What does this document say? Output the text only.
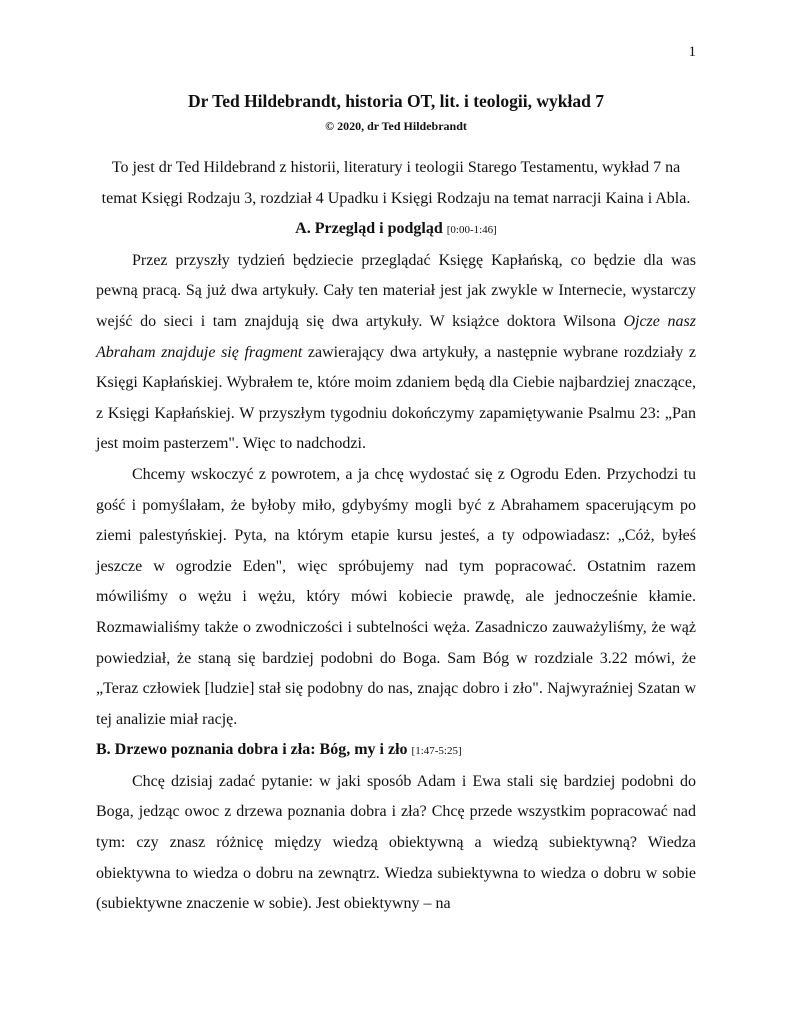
1
Dr Ted Hildebrandt, historia OT, lit. i teologii, wykład 7

© 2020, dr Ted Hildebrandt

To jest dr Ted Hildebrand z historii, literatury i teologii Starego Testamentu, wykład 7 na temat Księgi Rodzaju 3, rozdział 4 Upadku i Księgi Rodzaju na temat narracji Kaina i Abla.

A. Przegląd i podgląd [0:00-1:46]

Przez przyszły tydzień będziecie przeglądać Księgę Kapłańską, co będzie dla was pewną pracą. Są już dwa artykuły. Cały ten materiał jest jak zwykle w Internecie, wystarczy wejść do sieci i tam znajdują się dwa artykuły. W książce doktora Wilsona Ojcze nasz Abraham znajduje się fragment zawierający dwa artykuły, a następnie wybrane rozdziały z Księgi Kapłańskiej. Wybrałem te, które moim zdaniem będą dla Ciebie najbardziej znaczące, z Księgi Kapłańskiej. W przyszłym tygodniu dokończymy zapamiętywanie Psalmu 23: „Pan jest moim pasterzem". Więc to nadchodzi.

Chcemy wskoczyć z powrotem, a ja chcę wydostać się z Ogrodu Eden. Przychodzi tu gość i pomyślałam, że byłoby miło, gdybyśmy mogli być z Abrahamem spacerującym po ziemi palestyńskiej. Pyta, na którym etapie kursu jesteś, a ty odpowiadasz: „Cóż, byłeś jeszcze w ogrodzie Eden", więc spróbujemy nad tym popracować. Ostatnim razem mówiliśmy o wężu i wężu, który mówi kobiecie prawdę, ale jednocześnie kłamie. Rozmawialiśmy także o zwodniczości i subtelności węża. Zasadniczo zauważyliśmy, że wąż powiedział, że staną się bardziej podobni do Boga. Sam Bóg w rozdziale 3.22 mówi, że „Teraz człowiek [ludzie] stał się podobny do nas, znając dobro i zło". Najwyraźniej Szatan w tej analizie miał rację.

B. Drzewo poznania dobra i zła: Bóg, my i zło [1:47-5:25]

Chcę dzisiaj zadać pytanie: w jaki sposób Adam i Ewa stali się bardziej podobni do Boga, jedząc owoc z drzewa poznania dobra i zła? Chcę przede wszystkim popracować nad tym: czy znasz różnicę między wiedzą obiektywną a wiedzą subiektywną? Wiedza obiektywna to wiedza o dobru na zewnątrz. Wiedza subiektywna to wiedza o dobru w sobie (subiektywne znaczenie w sobie). Jest obiektywny – na
